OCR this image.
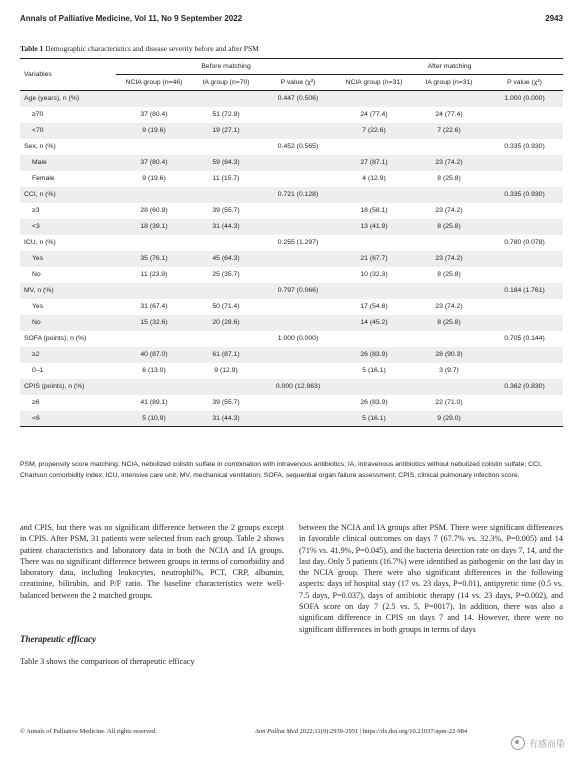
Annals of Palliative Medicine, Vol 11, No 9 September 2022	2943
Table 1 Demographic characteristics and disease severity before and after PSM
Variables	Before matching			After matching		
	NCIA group (n=46)	IA group (n=70)	P value (χ²)	NCIA group (n=31)	IA group (n=31)	P value (χ²)
Age (years), n (%)			0.447 (0.506)			1.000 (0.000)
≥70	37 (80.4)	51 (72.9)		24 (77.4)	24 (77.4)	
<70	9 (19.6)	19 (27.1)		7 (22.6)	7 (22.6)	
Sex, n (%)			0.452 (0.565)			0.335 (0.930)
Male	37 (80.4)	59 (84.3)		27 (87.1)	23 (74.2)	
Female	9 (19.6)	11 (15.7)		4 (12.9)	8 (25.8)	
CCI, n (%)			0.721 (0.128)			0.335 (0.930)
≥3	28 (60.9)	39 (55.7)		18 (58.1)	23 (74.2)	
<3	18 (39.1)	31 (44.3)		13 (41.9)	8 (25.8)	
ICU, n (%)			0.255 (1.297)			0.780 (0.078)
Yes	35 (76.1)	45 (64.3)		21 (67.7)	23 (74.2)	
No	11 (23.9)	25 (35.7)		10 (32.3)	8 (25.8)	
MV, n (%)			0.797 (0.066)			0.184 (1.761)
Yes	31 (67.4)	50 (71.4)		17 (54.8)	23 (74.2)	
No	15 (32.6)	20 (28.6)		14 (45.2)	8 (25.8)	
SOFA (points), n (%)			1.000 (0.000)			0.705 (0.144)
≥2	40 (87.0)	61 (87.1)		26 (83.9)	28 (90.3)	
0–1	6 (13.0)	9 (12.9)		5 (16.1)	3 (9.7)	
CPIS (points), n (%)			0.000 (12.963)			0.362 (0.830)
≥6	41 (89.1)	39 (55.7)		26 (83.9)	22 (71.0)	
<6	5 (10.9)	31 (44.3)		5 (16.1)	9 (29.0)	
PSM, propensity score matching; NCIA, nebulized colistin sulfate in combination with intravenous antibiotics; IA, intravenous antibiotics without nebulized colistin sulfate; CCI, Charlson comorbidity index; ICU, intensive care unit; MV, mechanical ventilation; SOFA, sequential organ failure assessment; CPIS, clinical pulmonary infection score.

and CPIS, but there was no significant difference between the 2 groups except in CPIS. After PSM, 31 patients were selected from each group. Table 2 shows patient characteristics and laboratory data in both the NCIA and IA groups. There was no significant difference between groups in terms of comorbidity and laboratory data, including leukocytes, neutrophil%, PCT, CRP, albumin, creatinine, bilirubin, and P/F ratio. The baseline characteristics were well-balanced between the 2 matched groups.

Therapeutic efficacy
Table 3 shows the comparison of therapeutic efficacy

between the NCIA and IA groups after PSM. There were significant differences in favorable clinical outcomes on days 7 (67.7% vs. 32.3%, P=0.005) and 14 (71% vs. 41.9%, P=0.045), and the bacteria detection rate on days 7, 14, and the last day. Only 5 patients (16.7%) were identified as pathogenic on the last day in the NCIA group. There were also significant differences in the following aspects: days of hospital stay (17 vs. 23 days, P=0.01), antipyretic time (0.5 vs. 7.5 days, P=0.037), days of antibiotic therapy (14 vs. 23 days, P=0.002), and SOFA score on day 7 (2.5 vs. 5, P=0017). In addition, there was also a significant difference in CPIS on days 7 and 14. However, there were no significant differences in both groups in terms of days

© Annals of Palliative Medicine. All rights reserved.	Ann Palliat Med 2022;11(9):2939-2951 | https://dx.doi.org/10.21037/apm-22-984
有感而染
